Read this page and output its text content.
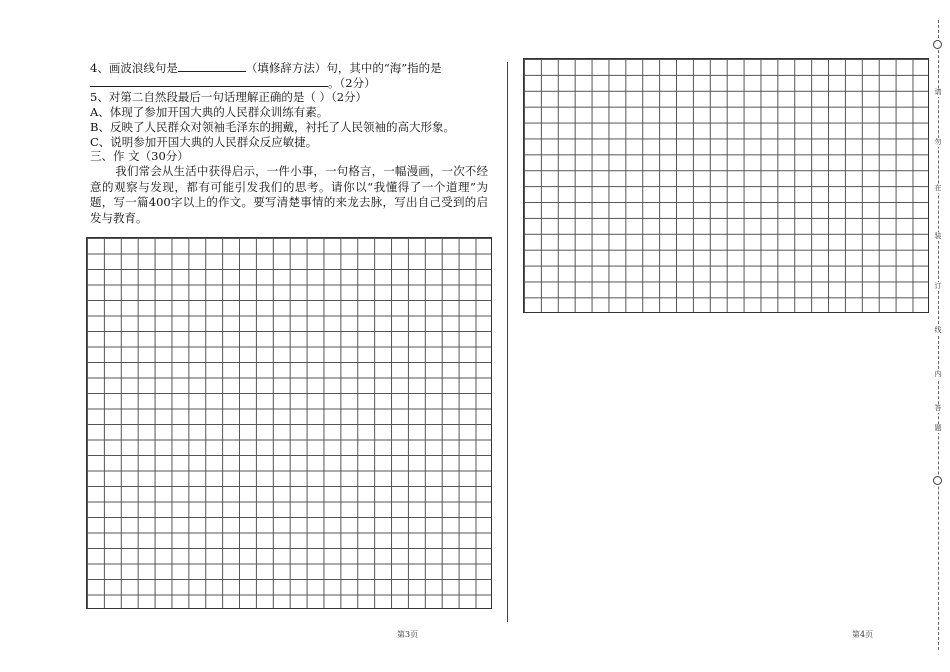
4、画波浪线句是	（填修辞方法）句，其中的“海”指的是
。（2分）
5、对第二自然段最后一句话理解正确的是（ ）（2分）
A、体现了参加开国大典的人民群众训练有素。
B、反映了人民群众对领袖毛泽东的拥戴，衬托了人民领袖的高大形象。
C、说明参加开国大典的人民群众反应敏捷。
三、作 文（30分）
我们常会从生活中获得启示，一件小事，一句格言，一幅漫画，一次不经意的观察与发现，都有可能引发我们的思考。请你以“我懂得了一个道理”为题，写一篇400字以上的作文。要写清楚事情的来龙去脉，写出自己受到的启发与教育。
第3页	第4页
请
勿
在
装
订
线
内
答
题
